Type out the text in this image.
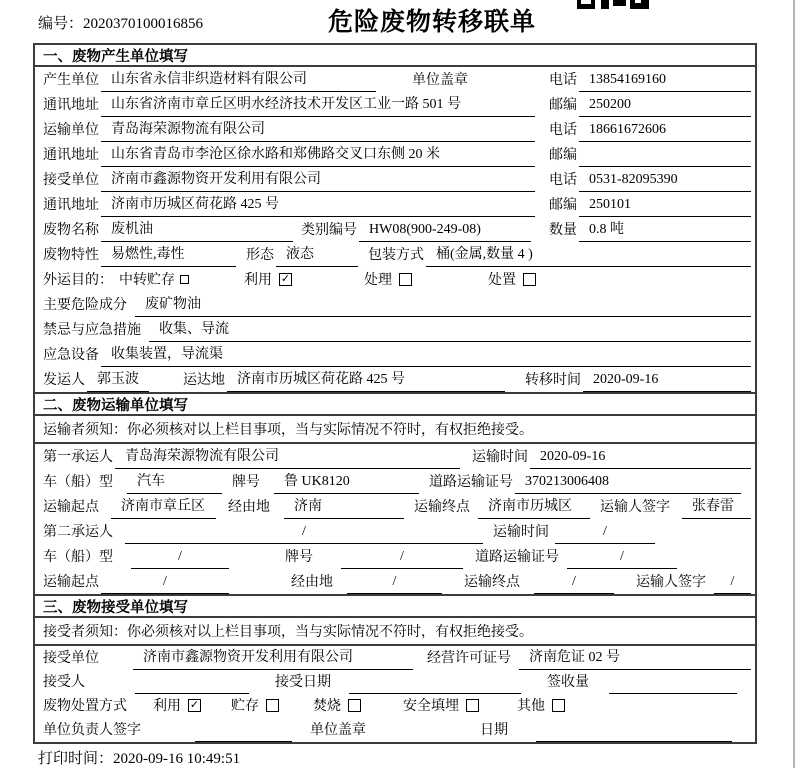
编号：2020370100016856	危险废物转移联单
一、废物产生单位填写
产生单位 山东省永信非织造材料有限公司	单位盖章	电话 13854169160
通讯地址 山东省济南市章丘区明水经济技术开发区工业一路 501 号	邮编 250200
运输单位 青岛海荣源物流有限公司	电话 18661672606
通讯地址 山东省青岛市李沧区徐水路和郑佛路交叉口东侧 20 米	邮编
接受单位 济南市鑫源物资开发利用有限公司	电话 0531-82095390
通讯地址 济南市历城区荷花路 425 号	邮编 250101
废物名称 废机油	类别编号 HW08(900-249-08)	数量 0.8 吨
废物特性 易燃性,毒性	形态 液态	包装方式 桶(金属,数量 4 )
外运目的： 中转贮存	利用 ✓	处理	处置
主要危险成分	废矿物油
禁忌与应急措施	收集、导流
应急设备 收集装置，导流渠
发运人 郭玉波	运达地 济南市历城区荷花路 425 号	转移时间 2020-09-16
二、废物运输单位填写
运输者须知： 你必须核对以上栏目事项，当与实际情况不符时，有权拒绝接受。
第一承运人 青岛海荣源物流有限公司	运输时间 2020-09-16
车（船）型	汽车	牌号	鲁 UK8120	道路运输证号 370213006408
运输起点	济南市章丘区	经由地	济南	运输终点	济南市历城区	运输人签字	张春雷
第二承运人	/	运输时间	/
车（船）型	/	牌号	/	道路运输证号	/
运输起点	/	经由地	/	运输终点	/	运输人签字	/
三、废物接受单位填写
接受者须知： 你必须核对以上栏目事项，当与实际情况不符时，有权拒绝接受。
接受单位	济南市鑫源物资开发利用有限公司	经营许可证号	济南危证 02 号
接受人	接受日期	签收量
废物处置方式 利用 ✓	贮存	焚烧	安全填埋	其他
单位负责人签字	单位盖章	日期
打印时间：2020-09-16 10:49:51
